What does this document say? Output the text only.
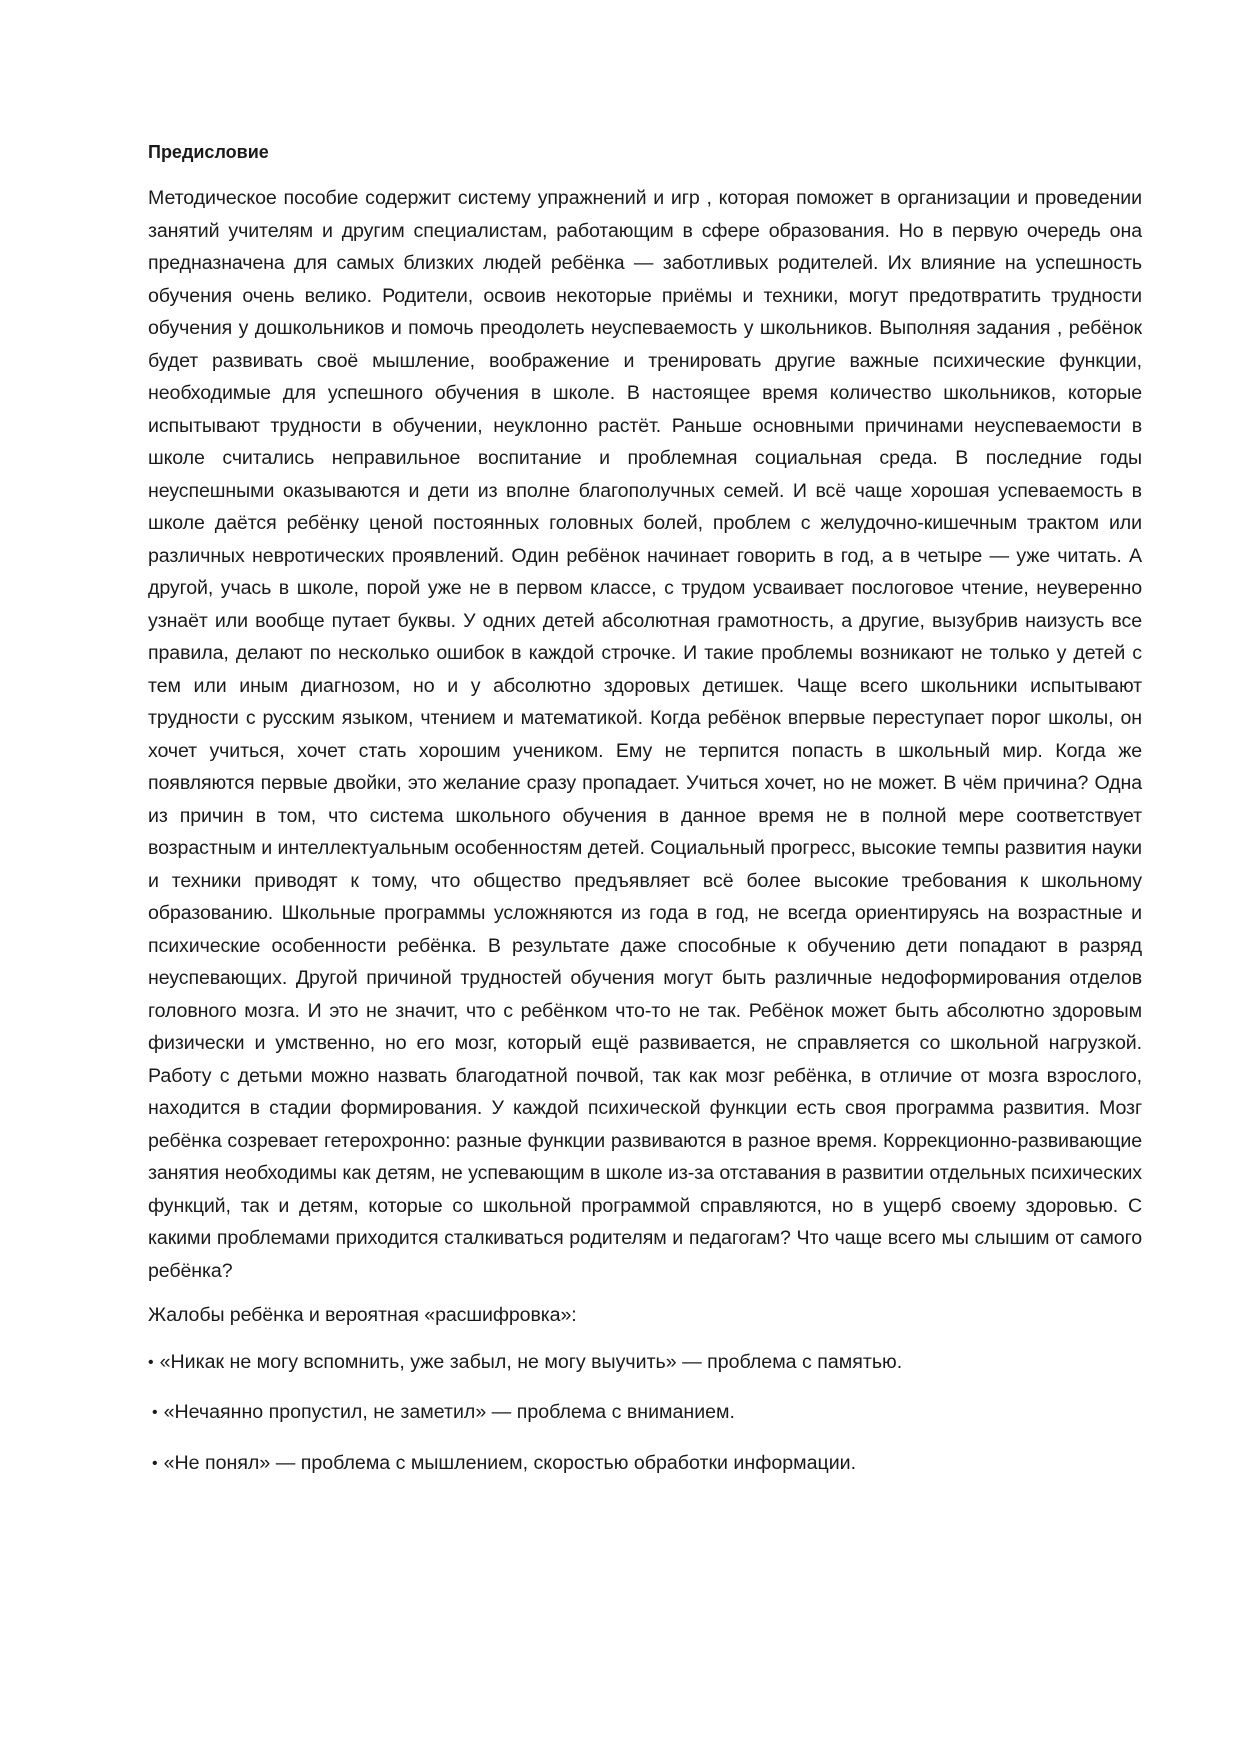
Предисловие

Методическое пособие содержит систему упражнений и игр , которая поможет в организации и проведении занятий учителям и другим специалистам, работающим в сфере образования. Но в первую очередь она предназначена для самых близких людей ребёнка — заботливых родителей. Их влияние на успешность обучения очень велико. Родители, освоив некоторые приёмы и техники, могут предотвратить трудности обучения у дошкольников и помочь преодолеть неуспеваемость у школьников. Выполняя задания , ребёнок будет развивать своё мышление, воображение и тренировать другие важные психические функции, необходимые для успешного обучения в школе. В настоящее время количество школьников, которые испытывают трудности в обучении, неуклонно растёт. Раньше основными причинами неуспеваемости в школе считались неправильное воспитание и проблемная социальная среда. В последние годы неуспешными оказываются и дети из вполне благополучных семей. И всё чаще хорошая успеваемость в школе даётся ребёнку ценой постоянных головных болей, проблем с желудочно-кишечным трактом или различных невротических проявлений. Один ребёнок начинает говорить в год, а в четыре — уже читать. А другой, учась в школе, порой уже не в первом классе, с трудом усваивает послоговое чтение, неуверенно узнаёт или вообще путает буквы. У одних детей абсолютная грамотность, а другие, вызубрив наизусть все правила, делают по несколько ошибок в каждой строчке. И такие проблемы возникают не только у детей с тем или иным диагнозом, но и у абсолютно здоровых детишек. Чаще всего школьники испытывают трудности с русским языком, чтением и математикой. Когда ребёнок впервые переступает порог школы, он хочет учиться, хочет стать хорошим учеником. Ему не терпится попасть в школьный мир. Когда же появляются первые двойки, это желание сразу пропадает. Учиться хочет, но не может. В чём причина? Одна из причин в том, что система школьного обучения в данное время не в полной мере соответствует возрастным и интеллектуальным особенностям детей. Социальный прогресс, высокие темпы развития науки и техники приводят к тому, что общество предъявляет всё более высокие требования к школьному образованию. Школьные программы усложняются из года в год, не всегда ориентируясь на возрастные и психические особенности ребёнка. В результате даже способные к обучению дети попадают в разряд неуспевающих. Другой причиной трудностей обучения могут быть различные недоформирования отделов головного мозга. И это не значит, что с ребёнком что-то не так. Ребёнок может быть абсолютно здоровым физически и умственно, но его мозг, который ещё развивается, не справляется со школьной нагрузкой. Работу с детьми можно назвать благодатной почвой, так как мозг ребёнка, в отличие от мозга взрослого, находится в стадии формирования. У каждой психической функции есть своя программа развития. Мозг ребёнка созревает гетерохронно: разные функции развиваются в разное время. Коррекционно-развивающие занятия необходимы как детям, не успевающим в школе из-за отставания в развитии отдельных психических функций, так и детям, которые со школьной программой справляются, но в ущерб своему здоровью. С какими проблемами приходится сталкиваться родителям и педагогам? Что чаще всего мы слышим от самого ребёнка?

Жалобы ребёнка и вероятная «расшифровка»:

• «Никак не могу вспомнить, уже забыл, не могу выучить» — проблема с памятью.
• «Нечаянно пропустил, не заметил» — проблема с вниманием.
• «Не понял» — проблема с мышлением, скоростью обработки информации.
